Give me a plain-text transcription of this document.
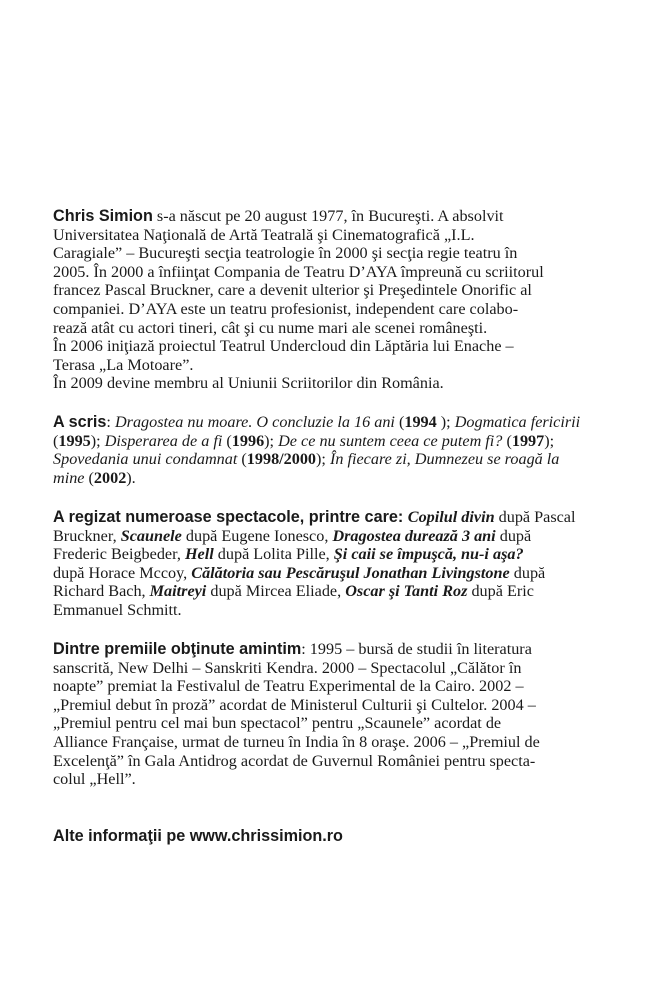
Chris Simion s-a născut pe 20 august 1977, în Bucureşti. A absolvit
Universitatea Naţională de Artă Teatrală şi Cinematografică „I.L.
Caragiale” – Bucureşti secţia teatrologie în 2000 şi secţia regie teatru în
2005. În 2000 a înfiinţat Compania de Teatru D’AYA împreună cu scriitorul
francez Pascal Bruckner, care a devenit ulterior şi Preşedintele Onorific al
companiei. D’AYA este un teatru profesionist, independent care colabo-
rează atât cu actori tineri, cât şi cu nume mari ale scenei româneşti.
În 2006 iniţiază proiectul Teatrul Undercloud din Lăptăria lui Enache –
Terasa „La Motoare”.
În 2009 devine membru al Uniunii Scriitorilor din România.
A scris: Dragostea nu moare. O concluzie la 16 ani (1994 ); Dogmatica fericirii
(1995); Disperarea de a fi (1996); De ce nu suntem ceea ce putem fi? (1997);
Spovedania unui condamnat (1998/2000); În fiecare zi, Dumnezeu se roagă la
mine (2002).
A regizat numeroase spectacole, printre care: Copilul divin după Pascal
Bruckner, Scaunele după Eugene Ionesco, Dragostea durează 3 ani după
Frederic Beigbeder, Hell după Lolita Pille, Şi caii se împuşcă, nu-i aşa?
după Horace Mccoy, Călătoria sau Pescăruşul Jonathan Livingstone după
Richard Bach, Maitreyi după Mircea Eliade, Oscar şi Tanti Roz după Eric
Emmanuel Schmitt.
Dintre premiile obţinute amintim: 1995 – bursă de studii în literatura
sanscrită, New Delhi – Sanskriti Kendra. 2000 – Spectacolul „Călător în
noapte” premiat la Festivalul de Teatru Experimental de la Cairo. 2002 –
„Premiul debut în proză” acordat de Ministerul Culturii şi Cultelor. 2004 –
„Premiul pentru cel mai bun spectacol” pentru „Scaunele” acordat de
Alliance Française, urmat de turneu în India în 8 oraşe. 2006 – „Premiul de
Excelenţă” în Gala Antidrog acordat de Guvernul României pentru specta-
colul „Hell”.
Alte informaţii pe www.chrissimion.ro
